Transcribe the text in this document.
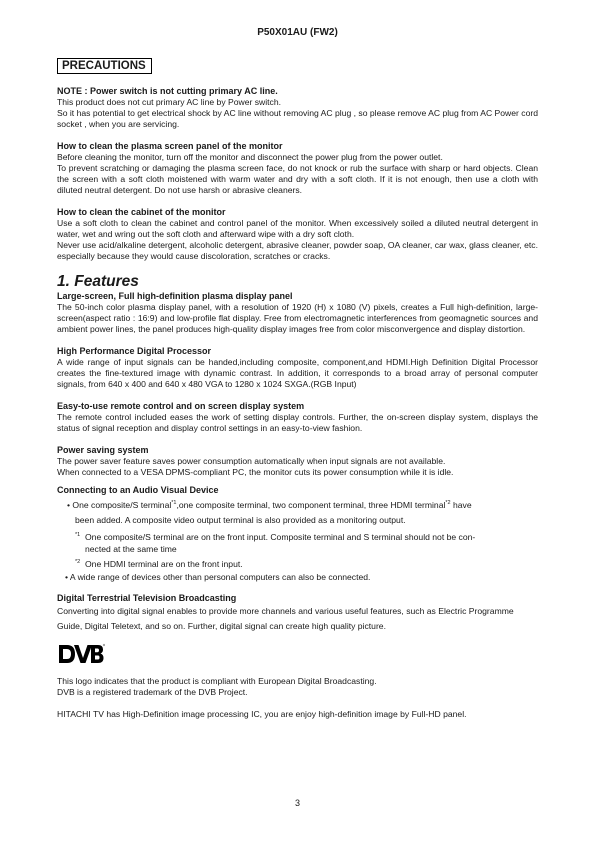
P50X01AU (FW2)
PRECAUTIONS

NOTE : Power switch is not cutting primary AC line.

This product does not cut primary AC line by Power switch.

So it has potential to get electrical shock by AC line without removing AC plug , so please remove AC plug from AC Power cord socket , when you are servicing.

How to clean the plasma screen panel of the monitor

Before cleaning the monitor, turn off the monitor and disconnect the power plug from the power outlet.

To prevent scratching or damaging the plasma screen face, do not knock or rub the surface with sharp or hard objects. Clean the screen with a soft cloth moistened with warm water and dry with a soft cloth. If it is not enough, then use a cloth with diluted neutral detergent. Do not use harsh or abrasive cleaners.

How to clean the cabinet of the monitor

Use a soft cloth to clean the cabinet and control panel of the monitor. When excessively soiled a diluted neutral detergent in water, wet and wring out the soft cloth and afterward wipe with a dry soft cloth.

Never use acid/alkaline detergent, alcoholic detergent, abrasive cleaner, powder soap, OA cleaner, car wax, glass cleaner, etc. especially because they would cause discoloration, scratches or cracks.

1. Features

Large-screen, Full high-definition plasma display panel

The 50-inch color plasma display panel, with a resolution of 1920 (H) x 1080 (V) pixels, creates a Full high-definition, large-screen(aspect ratio : 16:9) and low-profile flat display. Free from electromagnetic interferences from geomagnetic sources and ambient power lines, the panel produces high-quality display images free from color misconvergence and display distortion.

High Performance Digital Processor

A wide range of input signals can be handed,including composite, component,and HDMI.High Definition Digital Processor creates the fine-textured image with dynamic contrast. In addition, it corresponds to a broad array of personal computer signals, from 640 x 400 and 640 x 480 VGA to 1280 x 1024 SXGA.(RGB Input)

Easy-to-use remote control and on screen display system

The remote control included eases the work of setting display controls. Further, the on-screen display system, displays the status of signal reception and display control settings in an easy-to-view fashion.

Power saving system

The power saver feature saves power consumption automatically when input signals are not available.

When connected to a VESA DPMS-compliant PC, the monitor cuts its power consumption while it is idle.

Connecting to an Audio Visual Device

• One composite/S terminal$^{*1}$,one composite terminal, two component terminal, three HDMI terminal$^{*2}$ have

been added. A composite video output terminal is also provided as a monitoring output.

*1 One composite/S terminal are on the front input. Composite terminal and S terminal should not be con-

nected at the same time

*2 One HDMI terminal are on the front input.

• A wide range of devices other than personal computers can also be connected.

Digital Terrestrial Television Broadcasting

Converting into digital signal enables to provide more channels and various useful features, such as Electric Programme Guide, Digital Teletext, and so on. Further, digital signal can create high quality picture.

This logo indicates that the product is compliant with European Digital Broadcasting.

DVB is a registered trademark of the DVB Project.

HITACHI TV has High-Definition image processing IC, you are enjoy high-definition image by Full-HD panel.

3
